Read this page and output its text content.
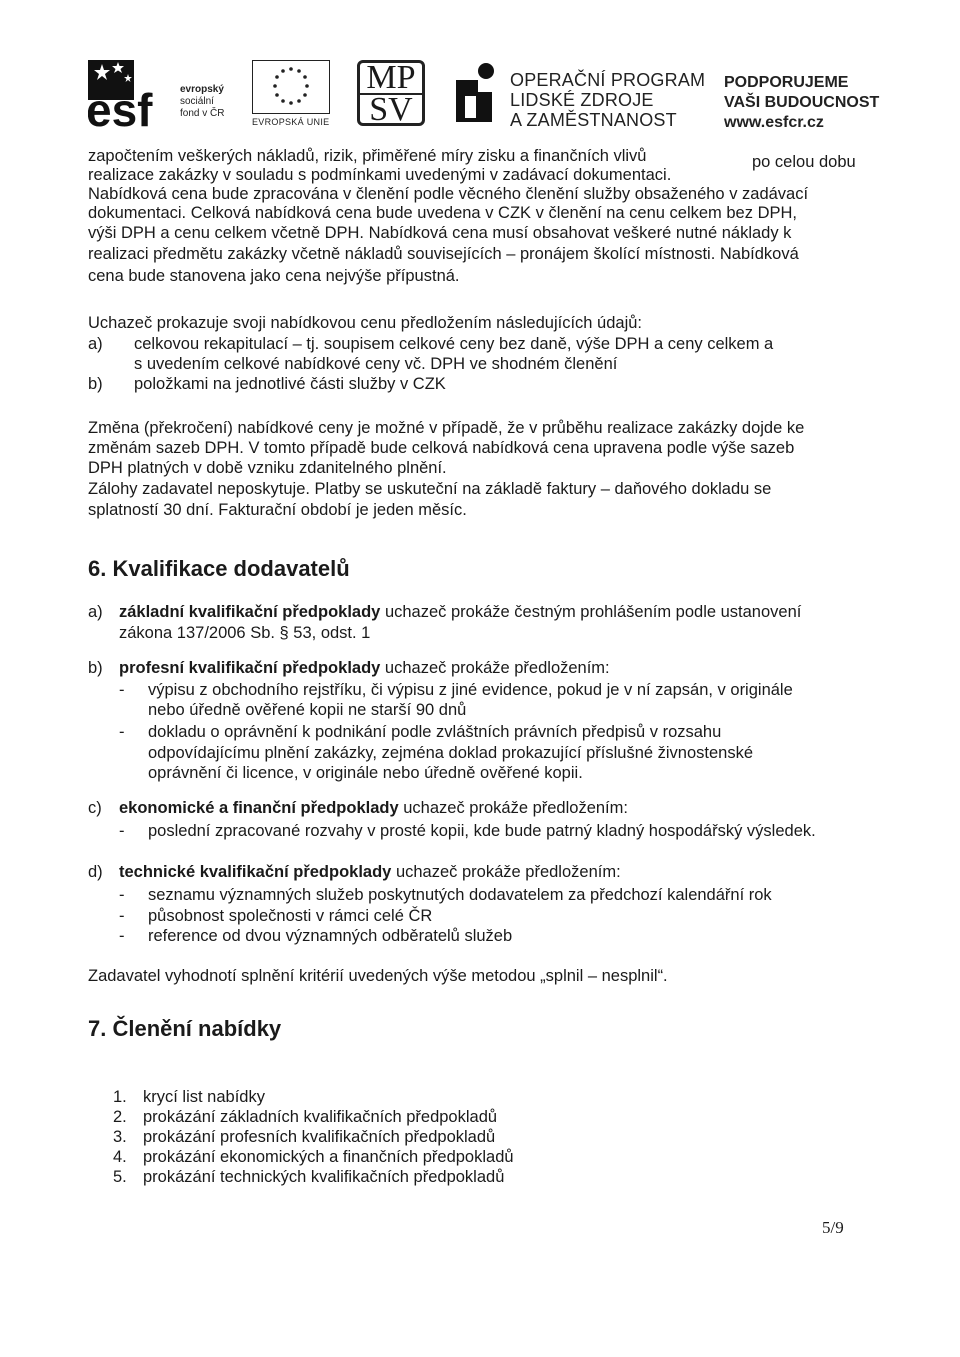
esf	evropský
sociální
fond v ČR
EVROPSKÁ UNIE
MP
SV
OPERAČNÍ PROGRAM
LIDSKÉ ZDROJE
A ZAMĚSTNANOST
PODPORUJEME
VAŠI BUDOUCNOST
www.esfcr.cz
započtením veškerých nákladů, rizik, přiměřené míry zisku a finančních vlivů	po celou dobu
realizace zakázky v souladu s podmínkami uvedenými v zadávací dokumentaci.
Nabídková cena bude zpracována v členění podle věcného členění služby obsaženého v zadávací
dokumentaci. Celková nabídková cena bude uvedena v CZK v členění na cenu celkem bez DPH,
výši DPH a cenu celkem včetně DPH. Nabídková cena musí obsahovat veškeré nutné náklady k
realizaci předmětu zakázky včetně nákladů souvisejících – pronájem školící místnosti. Nabídková
cena bude stanovena jako cena nejvýše přípustná.
Uchazeč prokazuje svoji nabídkovou cenu předložením následujících údajů:
a) celkovou rekapitulací – tj. soupisem celkové ceny bez daně, výše DPH a ceny celkem a
s uvedením celkové nabídkové ceny vč. DPH ve shodném členění
b) položkami na jednotlivé části služby v CZK
Změna (překročení) nabídkové ceny je možné v případě, že v průběhu realizace zakázky dojde ke
změnám sazeb DPH. V tomto případě bude celková nabídková cena upravena podle výše sazeb
DPH platných v době vzniku zdanitelného plnění.
Zálohy zadavatel neposkytuje. Platby se uskuteční na základě faktury – daňového dokladu se
splatností 30 dní. Fakturační období je jeden měsíc.
6. Kvalifikace dodavatelů
a) základní kvalifikační předpoklady uchazeč prokáže čestným prohlášením podle ustanovení
zákona 137/2006 Sb. § 53, odst. 1
b) profesní kvalifikační předpoklady uchazeč prokáže předložením:
- výpisu z obchodního rejstříku, či výpisu z jiné evidence, pokud je v ní zapsán, v originále
nebo úředně ověřené kopii ne starší 90 dnů
- dokladu o oprávnění k podnikání podle zvláštních právních předpisů v rozsahu
odpovídajícímu plnění zakázky, zejména doklad prokazující příslušné živnostenské
oprávnění či licence, v originále nebo úředně ověřené kopii.
c) ekonomické a finanční předpoklady uchazeč prokáže předložením:
- poslední zpracované rozvahy v prosté kopii, kde bude patrný kladný hospodářský výsledek.
d) technické kvalifikační předpoklady uchazeč prokáže předložením:
- seznamu významných služeb poskytnutých dodavatelem za předchozí kalendářní rok
- působnost společnosti v rámci celé ČR
- reference od dvou významných odběratelů služeb
Zadavatel vyhodnotí splnění kritérií uvedených výše metodou „splnil – nesplnil“.
7. Členění nabídky
1. krycí list nabídky
2. prokázání základních kvalifikačních předpokladů
3. prokázání profesních kvalifikačních předpokladů
4. prokázání ekonomických a finančních předpokladů
5. prokázání technických kvalifikačních předpokladů
5/9
